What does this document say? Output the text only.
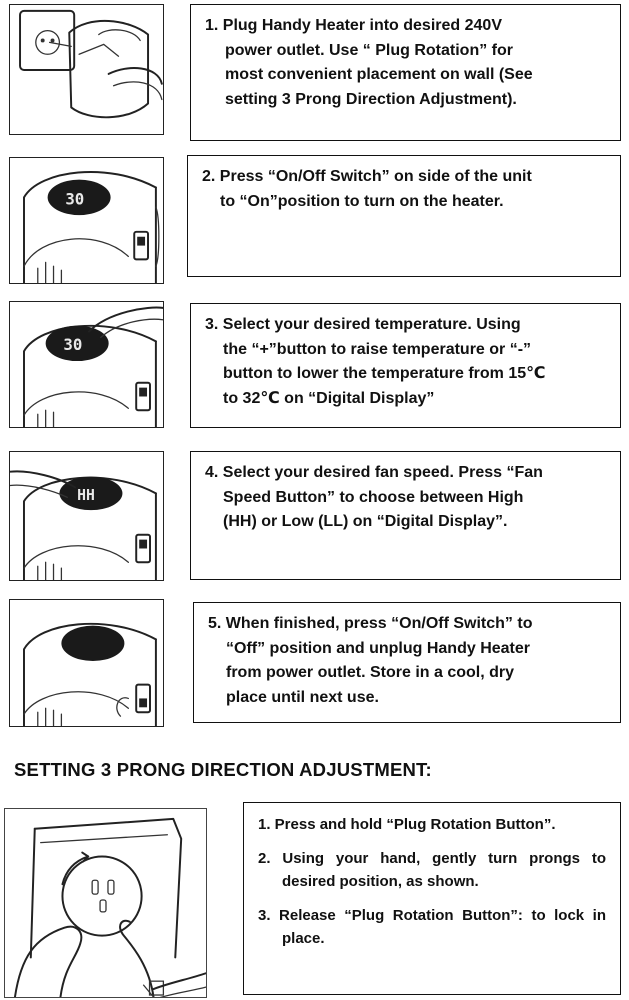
1. Plug Handy Heater into desired 240V

power outlet. Use “ Plug Rotation” for

most convenient placement on wall (See

setting 3 Prong Direction Adjustment).

30

2. Press “On/Off Switch” on side of the unit

to “On”position to turn on the heater.

30

3. Select your desired temperature. Using

the “+”button to raise temperature or “-”

button to lower the temperature from 15℃

to 32℃ on “Digital Display”

HH

4. Select your desired fan speed. Press “Fan

Speed Button” to choose between High

(HH) or Low (LL) on “Digital Display”.

5. When finished, press “On/Off Switch” to

“Off” position and unplug Handy Heater

from power outlet. Store in a cool, dry

place until next use.

SETTING 3 PRONG DIRECTION ADJUSTMENT:

1. Press and hold “Plug Rotation Button”.

2. Using your hand, gently turn prongs to desired position, as shown.

3. Release “Plug Rotation Button”: to lock in place.
